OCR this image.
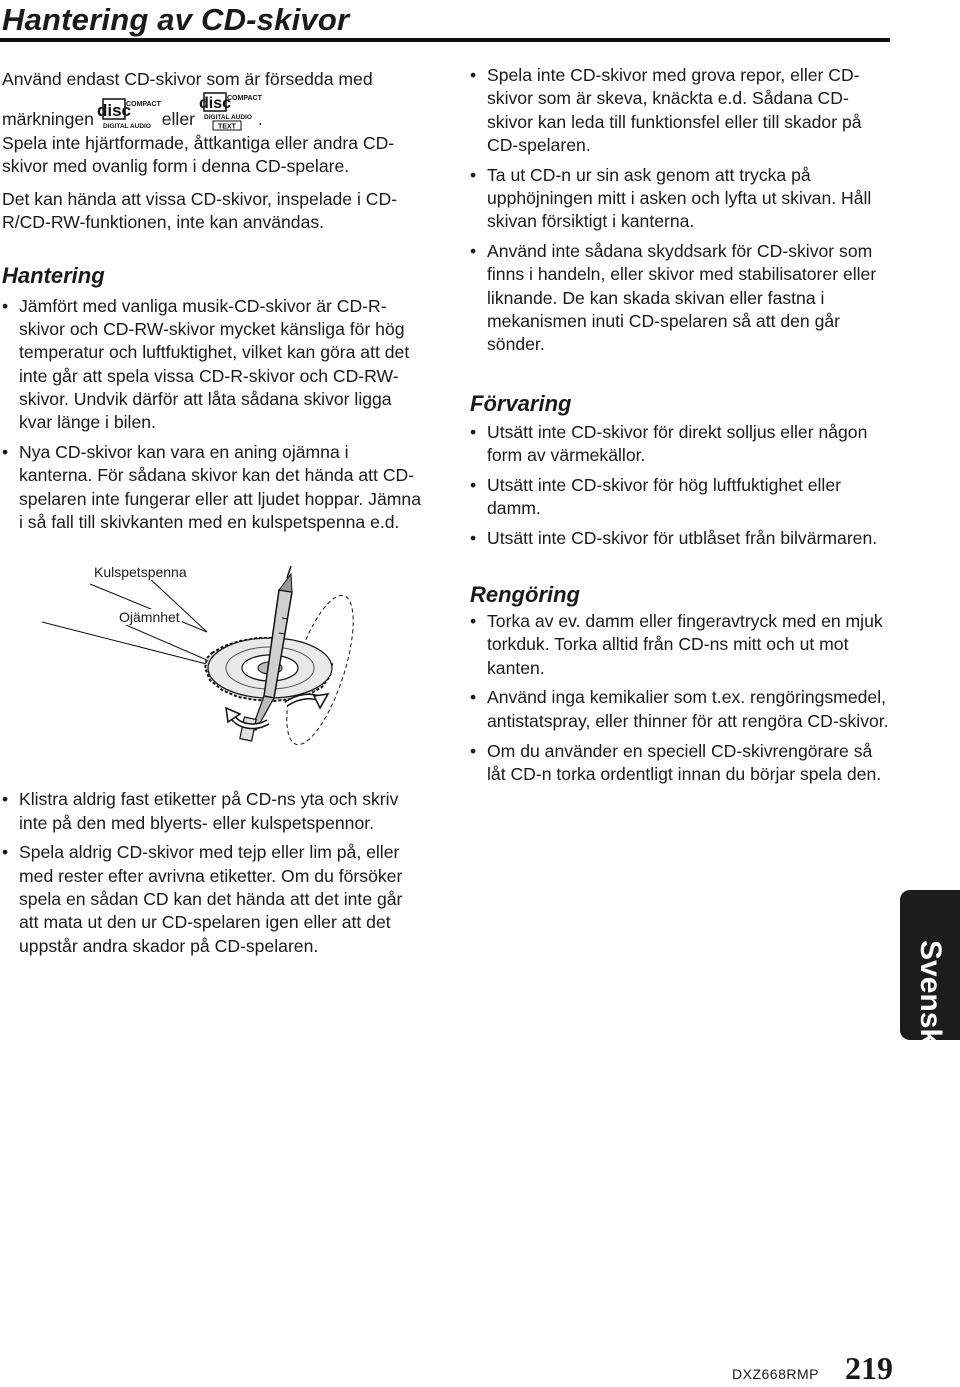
Hantering av CD-skivor

Använd endast CD-skivor som är försedda med
märkningen disc
COMPACT
DIGITAL AUDIO eller
disc
COMPACT
DIGITAL AUDIO
TEXT .

Spela inte hjärtformade, åttkantiga eller andra CD-skivor med ovanlig form i denna CD-spelare.

Det kan hända att vissa CD-skivor, inspelade i CD-R/CD-RW-funktionen, inte kan användas.

Hantering
• Jämfört med vanliga musik-CD-skivor är CD-R-skivor och CD-RW-skivor mycket känsliga för hög temperatur och luftfuktighet, vilket kan göra att det inte går att spela vissa CD-R-skivor och CD-RW-skivor. Undvik därför att låta sådana skivor ligga kvar länge i bilen.
• Nya CD-skivor kan vara en aning ojämna i kanterna. För sådana skivor kan det hända att CD-spelaren inte fungerar eller att ljudet hoppar. Jämna i så fall till skivkanten med en kulspetspenna e.d.
Kulspetspenna
Ojämnhet
• Klistra aldrig fast etiketter på CD-ns yta och skriv inte på den med blyerts- eller kulspetspennor.
• Spela aldrig CD-skivor med tejp eller lim på, eller med rester efter avrivna etiketter. Om du försöker spela en sådan CD kan det hända att det inte går att mata ut den ur CD-spelaren igen eller att det uppstår andra skador på CD-spelaren.
• Spela inte CD-skivor med grova repor, eller CD-skivor som är skeva, knäckta e.d. Sådana CD-skivor kan leda till funktionsfel eller till skador på CD-spelaren.
• Ta ut CD-n ur sin ask genom att trycka på upphöjningen mitt i asken och lyfta ut skivan. Håll skivan försiktigt i kanterna.
• Använd inte sådana skyddsark för CD-skivor som finns i handeln, eller skivor med stabilisatorer eller liknande. De kan skada skivan eller fastna i mekanismen inuti CD-spelaren så att den går sönder.
Förvaring
• Utsätt inte CD-skivor för direkt solljus eller någon form av värmekällor.
• Utsätt inte CD-skivor för hög luftfuktighet eller damm.
• Utsätt inte CD-skivor för utblåset från bilvärmaren.
Rengöring
• Torka av ev. damm eller fingeravtryck med en mjuk torkduk. Torka alltid från CD-ns mitt och ut mot kanten.
• Använd inga kemikalier som t.ex. rengöringsmedel, antistatspray, eller thinner för att rengöra CD-skivor.
• Om du använder en speciell CD-skivrengörare så låt CD-n torka ordentligt innan du börjar spela den.
Svenska
DXZ668RMP 219
